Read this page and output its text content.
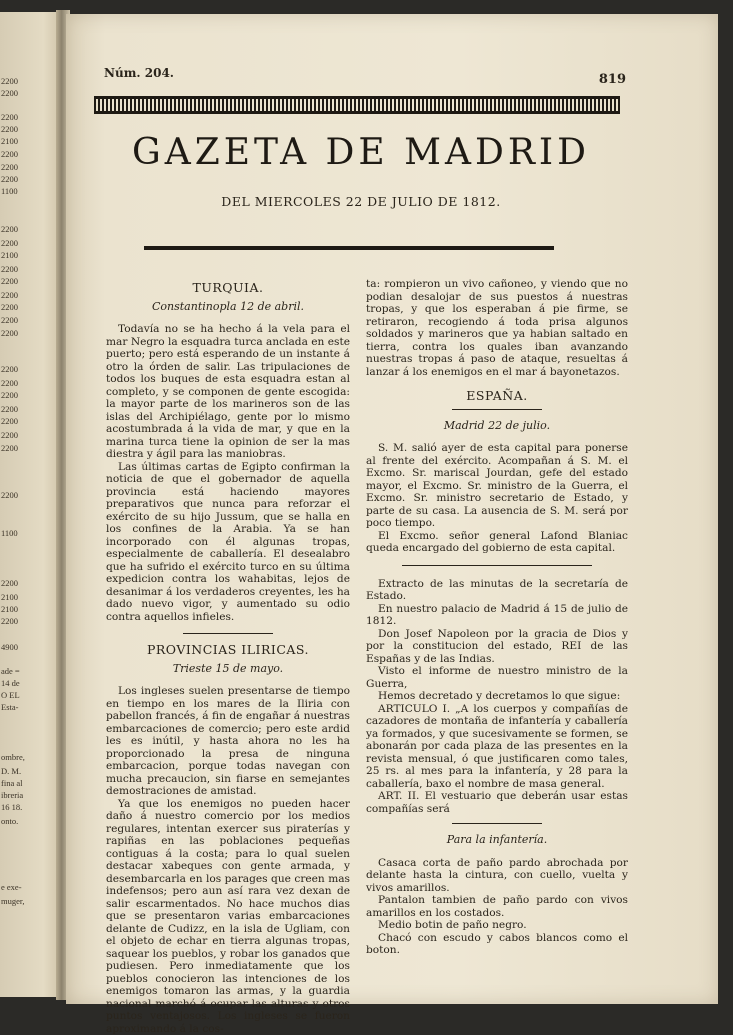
2200
2200
2200
2200
2100
2200
2200
2200
1100
2200
2200
2100
2200
2200
2200
2200
2200
2200
2200
2200
2200
2200
2200
2200
2200
2200
1100
2200
2100
2100
2200
4900
ade =
14 de
O EL
Esta-
ombre,
D. M.
fina al
ibreria
16 18.
onto.
e exe-
muger,
Núm. 204.	819
GAZETA DE MADRID
DEL MIERCOLES 22 DE JULIO DE 1812.
TURQUIA.
Constantinopla 12 de abril.

Todavía no se ha hecho á la vela para el mar Negro la esquadra turca anclada en este puerto; pero está esperando de un instante á otro la órden de salir. Las tripulaciones de todos los buques de esta esquadra estan al completo, y se componen de gente escogida: la mayor parte de los marineros son de las islas del Archipiélago, gente por lo mismo acostumbrada á la vida de mar, y que en la marina turca tiene la opinion de ser la mas diestra y ágil para las maniobras.

Las últimas cartas de Egipto confirman la noticia de que el gobernador de aquella provincia está haciendo mayores preparativos que nunca para reforzar el exército de su hijo Jussum, que se halla en los confines de la Arabia. Ya se han incorporado con él algunas tropas, especialmente de caballería. El desealabro que ha sufrido el exército turco en su última expedicion contra los wahabitas, lejos de desanimar á los verdaderos creyentes, les ha dado nuevo vigor, y aumentado su odio contra aquellos infieles.

PROVINCIAS ILIRICAS.
Trieste 15 de mayo.

Los ingleses suelen presentarse de tiempo en tiempo en los mares de la Iliria con pabellon francés, á fin de engañar á nuestras embarcaciones de comercio; pero este ardid les es inútil, y hasta ahora no les ha proporcionado la presa de ninguna embarcacion, porque todas navegan con mucha precaucion, sin fiarse en semejantes demostraciones de amistad.

Ya que los enemigos no pueden hacer daño á nuestro comercio por los medios regulares, intentan exercer sus piraterías y rapiñas en las poblaciones pequeñas contiguas á la costa; para lo qual suelen destacar xabeques con gente armada, y desembarcarla en los parages que creen mas indefensos; pero aun así rara vez dexan de salir escarmentados. No hace muchos dias que se presentaron varias embarcaciones delante de Cudizz, en la isla de Ugliam, con el objeto de echar en tierra algunas tropas, saquear los pueblos, y robar los ganados que pudiesen. Pero inmediatamente que los pueblos conocieron las intenciones de los enemigos tomaron las armas, y la guardia nacional marchó á ocupar las alturas y otros puntos ventajosos. Los ingleses se fueron aproximando á la cos-

ta: rompieron un vivo cañoneo, y viendo que no podian desalojar de sus puestos á nuestras tropas, y que los esperaban á pie firme, se retiraron, recogiendo á toda prisa algunos soldados y marineros que ya habian saltado en tierra, contra los quales iban avanzando nuestras tropas á paso de ataque, resueltas á lanzar á los enemigos en el mar á bayonetazos.

ESPAÑA.
Madrid 22 de julio.

S. M. salió ayer de esta capital para ponerse al frente del exército. Acompañan á S. M. el Excmo. Sr. mariscal Jourdan, gefe del estado mayor, el Excmo. Sr. ministro de la Guerra, el Excmo. Sr. ministro secretario de Estado, y parte de su casa. La ausencia de S. M. será por poco tiempo.

El Excmo. señor general Lafond Blaniac queda encargado del gobierno de esta capital.

Extracto de las minutas de la secretaría de Estado.

En nuestro palacio de Madrid á 15 de julio de 1812.

Don Josef Napoleon por la gracia de Dios y por la constitucion del estado, REI de las Españas y de las Indias.

Visto el informe de nuestro ministro de la Guerra,

Hemos decretado y decretamos lo que sigue:

ARTICULO I. „A los cuerpos y compañías de cazadores de montaña de infantería y caballería ya formados, y que sucesivamente se formen, se abonarán por cada plaza de las presentes en la revista mensual, ó que justificaren como tales, 25 rs. al mes para la infantería, y 28 para la caballería, baxo el nombre de masa general.

ART. II. El vestuario que deberán usar estas compañías será

Para la infantería.

Casaca corta de paño pardo abrochada por delante hasta la cintura, con cuello, vuelta y vivos amarillos.

Pantalon tambien de paño pardo con vivos amarillos en los costados.

Medio botin de paño negro.

Chacó con escudo y cabos blancos como el boton.
